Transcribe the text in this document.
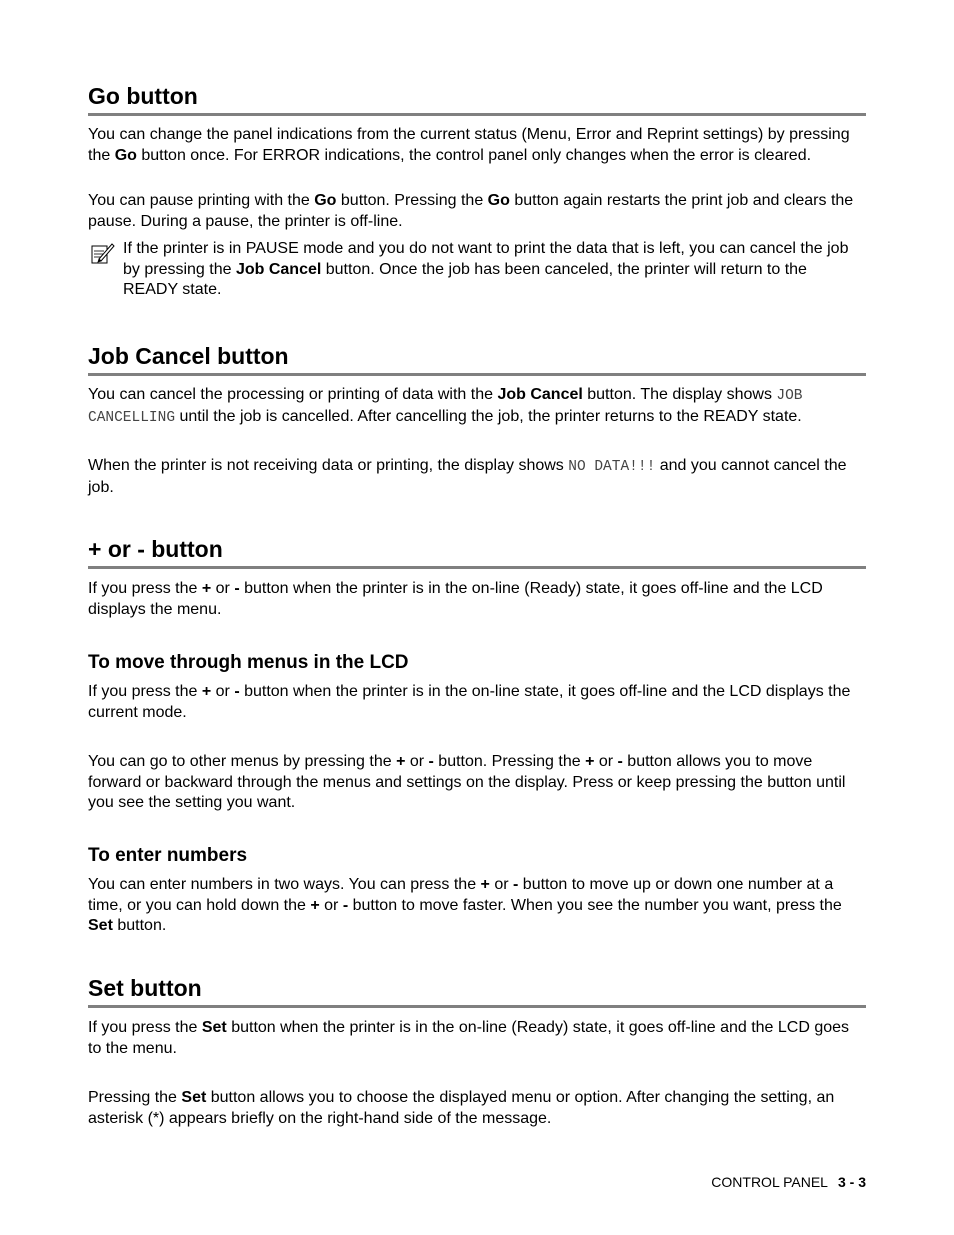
Go button

You can change the panel indications from the current status (Menu, Error and Reprint settings) by pressing the Go button once. For ERROR indications, the control panel only changes when the error is cleared.

You can pause printing with the Go button. Pressing the Go button again restarts the print job and clears the pause. During a pause, the printer is off-line.

If the printer is in PAUSE mode and you do not want to print the data that is left, you can cancel the job by pressing the Job Cancel button. Once the job has been canceled, the printer will return to the READY state.

Job Cancel button

You can cancel the processing or printing of data with the Job Cancel button. The display shows JOB CANCELLING until the job is cancelled. After cancelling the job, the printer returns to the READY state.

When the printer is not receiving data or printing, the display shows NO DATA!!! and you cannot cancel the job.

+ or - button

If you press the + or - button when the printer is in the on-line (Ready) state, it goes off-line and the LCD displays the menu.

To move through menus in the LCD

If you press the + or - button when the printer is in the on-line state, it goes off-line and the LCD displays the current mode.

You can go to other menus by pressing the + or - button. Pressing the + or - button allows you to move forward or backward through the menus and settings on the display. Press or keep pressing the button until you see the setting you want.

To enter numbers

You can enter numbers in two ways. You can press the + or - button to move up or down one number at a time, or you can hold down the + or - button to move faster. When you see the number you want, press the Set button.

Set button

If you press the Set button when the printer is in the on-line (Ready) state, it goes off-line and the LCD goes to the menu.

Pressing the Set button allows you to choose the displayed menu or option. After changing the setting, an asterisk (*) appears briefly on the right-hand side of the message.

CONTROL PANEL 3 - 3
